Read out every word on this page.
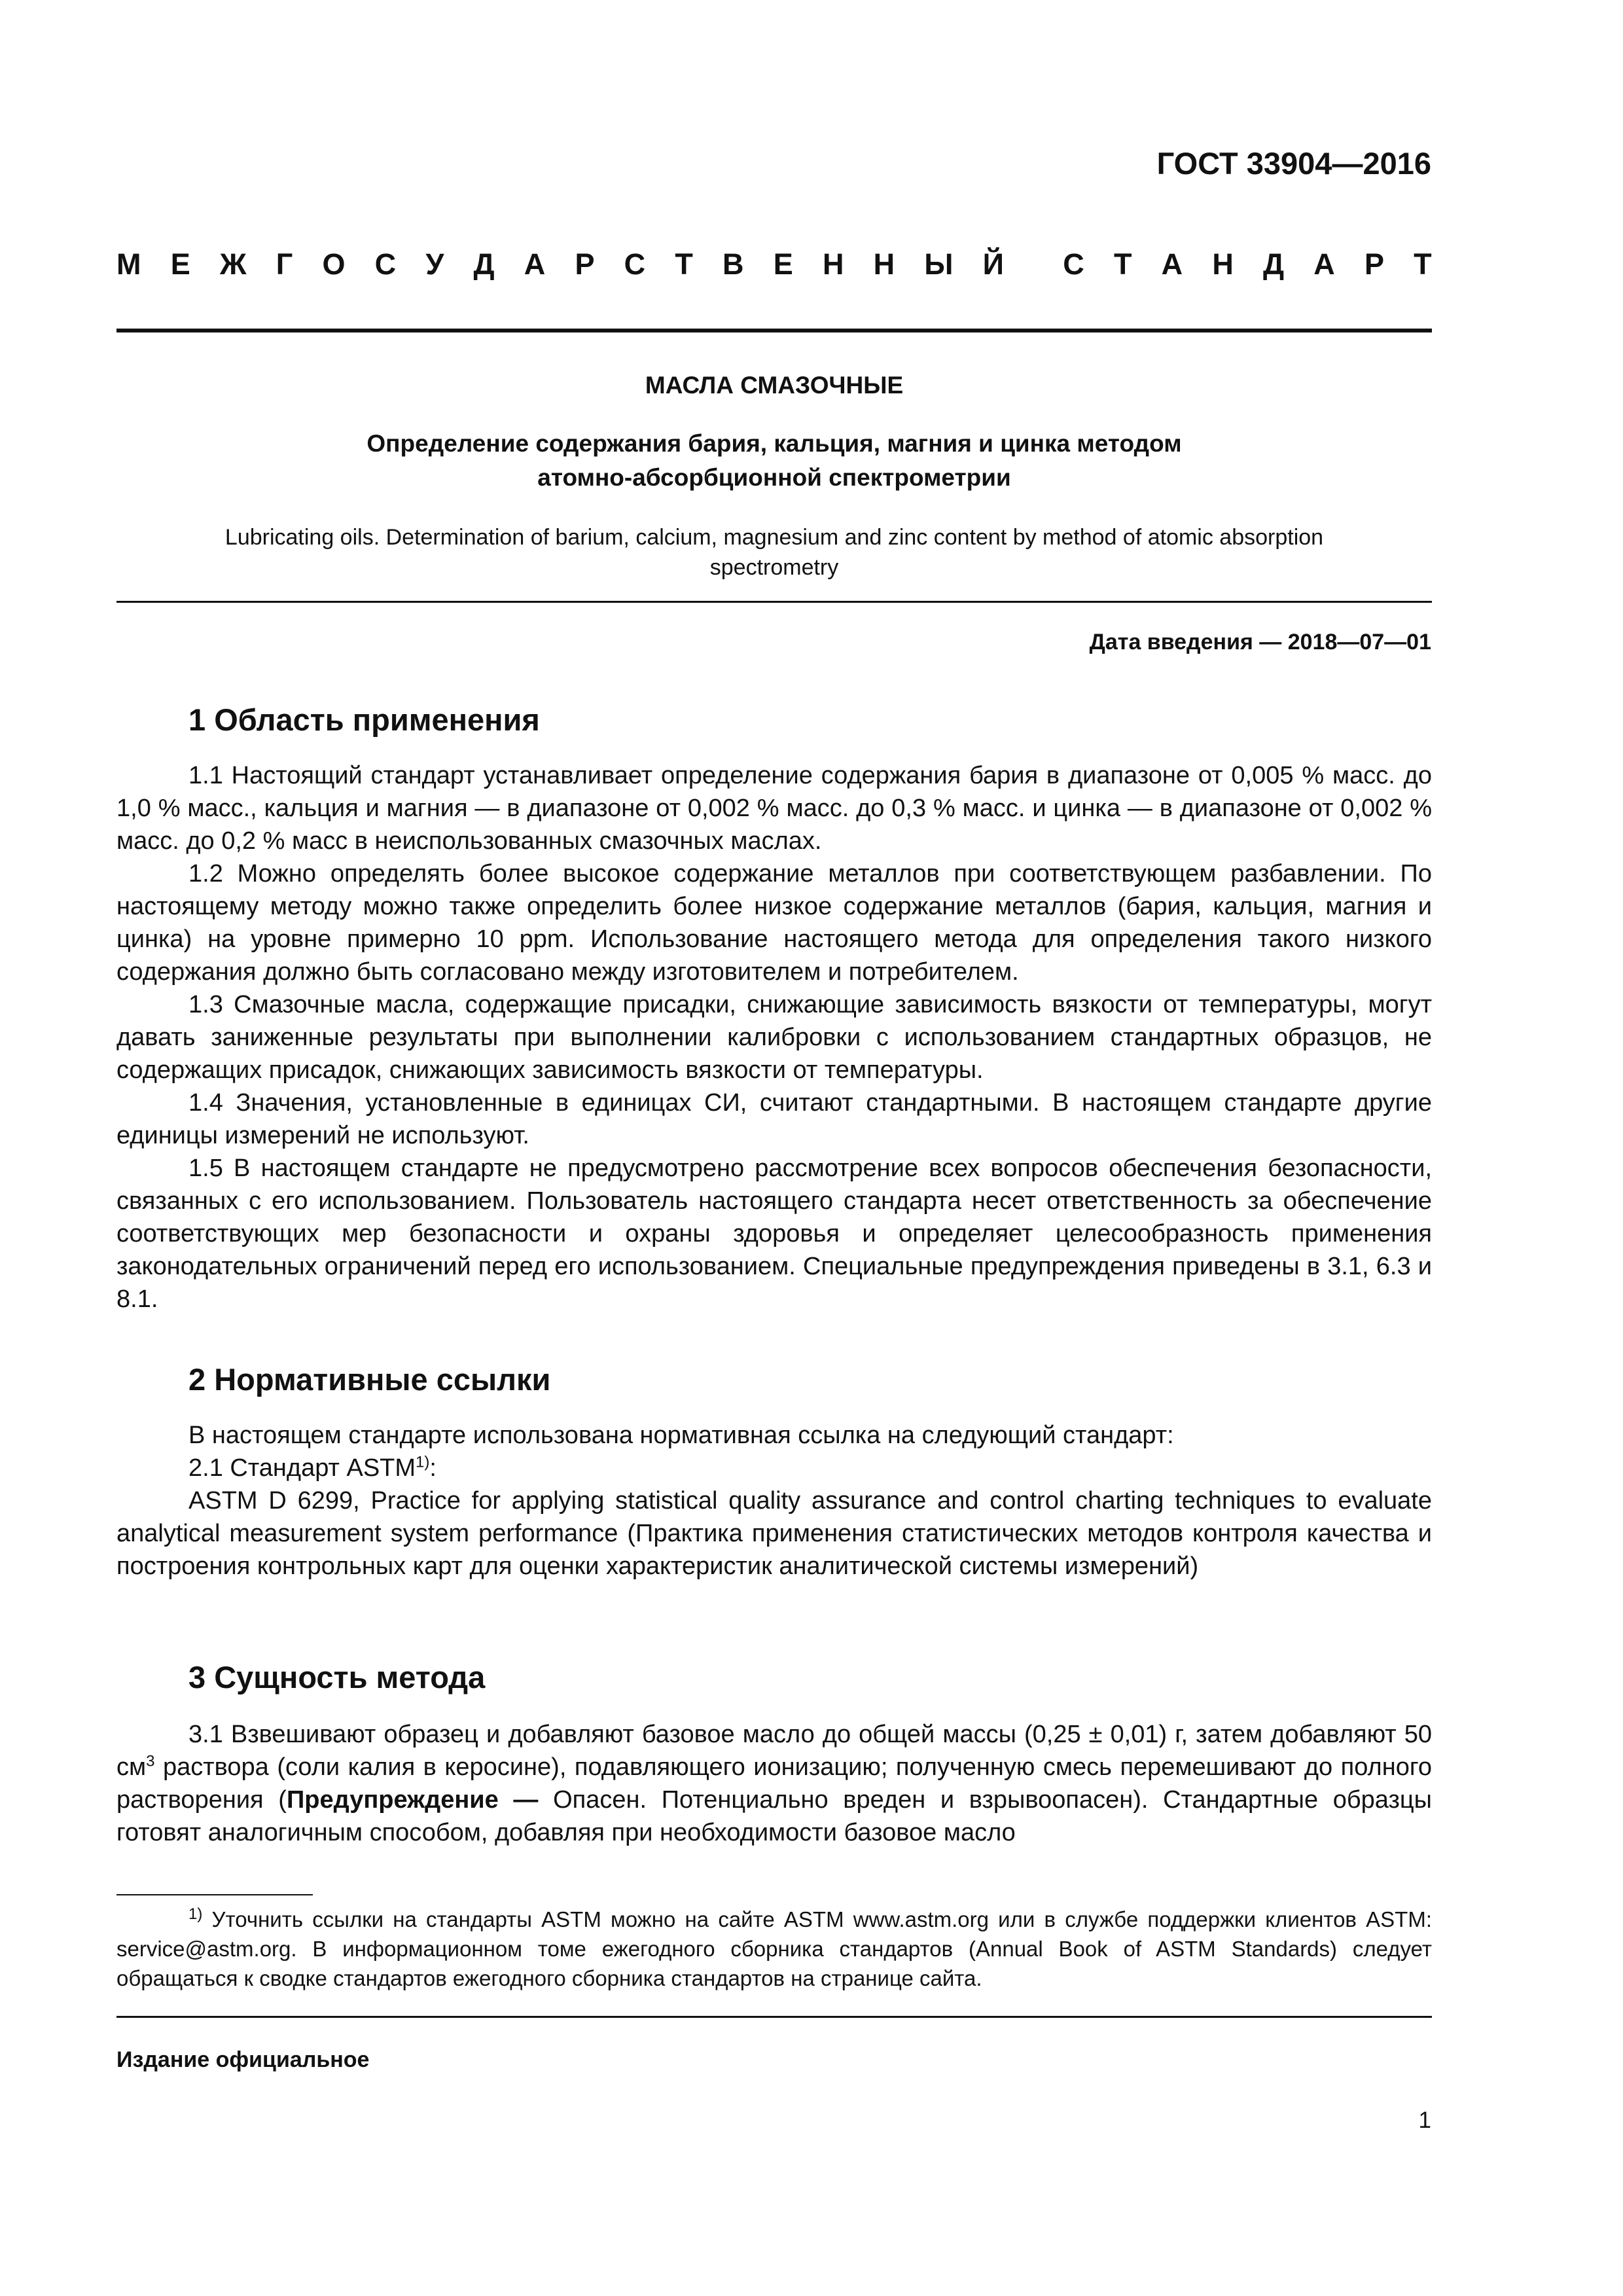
ГОСТ 33904—2016
М Е Ж Г О С У Д А Р С Т В Е Н Н Ы Й С Т А Н Д А Р Т
МАСЛА СМАЗОЧНЫЕ
Определение содержания бария, кальция, магния и цинка методом
атомно-абсорбционной спектрометрии
Lubricating oils. Determination of barium, calcium, magnesium and zinc content by method of atomic absorption spectrometry
Дата введения — 2018—07—01
1 Область применения

1.1 Настоящий стандарт устанавливает определение содержания бария в диапазоне от 0,005 % масс. до 1,0 % масс., кальция и магния — в диапазоне от 0,002 % масс. до 0,3 % масс. и цинка — в диапазоне от 0,002 % масс. до 0,2 % масс в неиспользованных смазочных маслах.

1.2 Можно определять более высокое содержание металлов при соответствующем разбавлении. По настоящему методу можно также определить более низкое содержание металлов (бария, кальция, магния и цинка) на уровне примерно 10 ppm. Использование настоящего метода для определения такого низкого содержания должно быть согласовано между изготовителем и потребителем.

1.3 Смазочные масла, содержащие присадки, снижающие зависимость вязкости от температуры, могут давать заниженные результаты при выполнении калибровки с использованием стандартных образцов, не содержащих присадок, снижающих зависимость вязкости от температуры.

1.4 Значения, установленные в единицах СИ, считают стандартными. В настоящем стандарте другие единицы измерений не используют.

1.5 В настоящем стандарте не предусмотрено рассмотрение всех вопросов обеспечения безопасности, связанных с его использованием. Пользователь настоящего стандарта несет ответственность за обеспечение соответствующих мер безопасности и охраны здоровья и определяет целесообразность применения законодательных ограничений перед его использованием. Специальные предупреждения приведены в 3.1, 6.3 и 8.1.

2 Нормативные ссылки

В настоящем стандарте использована нормативная ссылка на следующий стандарт:

2.1 Стандарт ASTM$^{1)}$:

ASTM D 6299, Practice for applying statistical quality assurance and control charting techniques to evaluate analytical measurement system performance (Практика применения статистических методов контроля качества и построения контрольных карт для оценки характеристик аналитической системы измерений)

3 Сущность метода

3.1 Взвешивают образец и добавляют базовое масло до общей массы (0,25 ± 0,01) г, затем добавляют 50 $см^3$ раствора (соли калия в керосине), подавляющего ионизацию; полученную смесь перемешивают до полного растворения (Предупреждение — Опасен. Потенциально вреден и взрывоопасен). Стандартные образцы готовят аналогичным способом, добавляя при необходимости базовое масло

$^{1)}$ Уточнить ссылки на стандарты ASTM можно на сайте ASTM www.astm.org или в службе поддержки клиентов ASTM: service@astm.org. В информационном томе ежегодного сборника стандартов (Annual Book of ASTM Standards) следует обращаться к сводке стандартов ежегодного сборника стандартов на странице сайта.

Издание официальное
1
